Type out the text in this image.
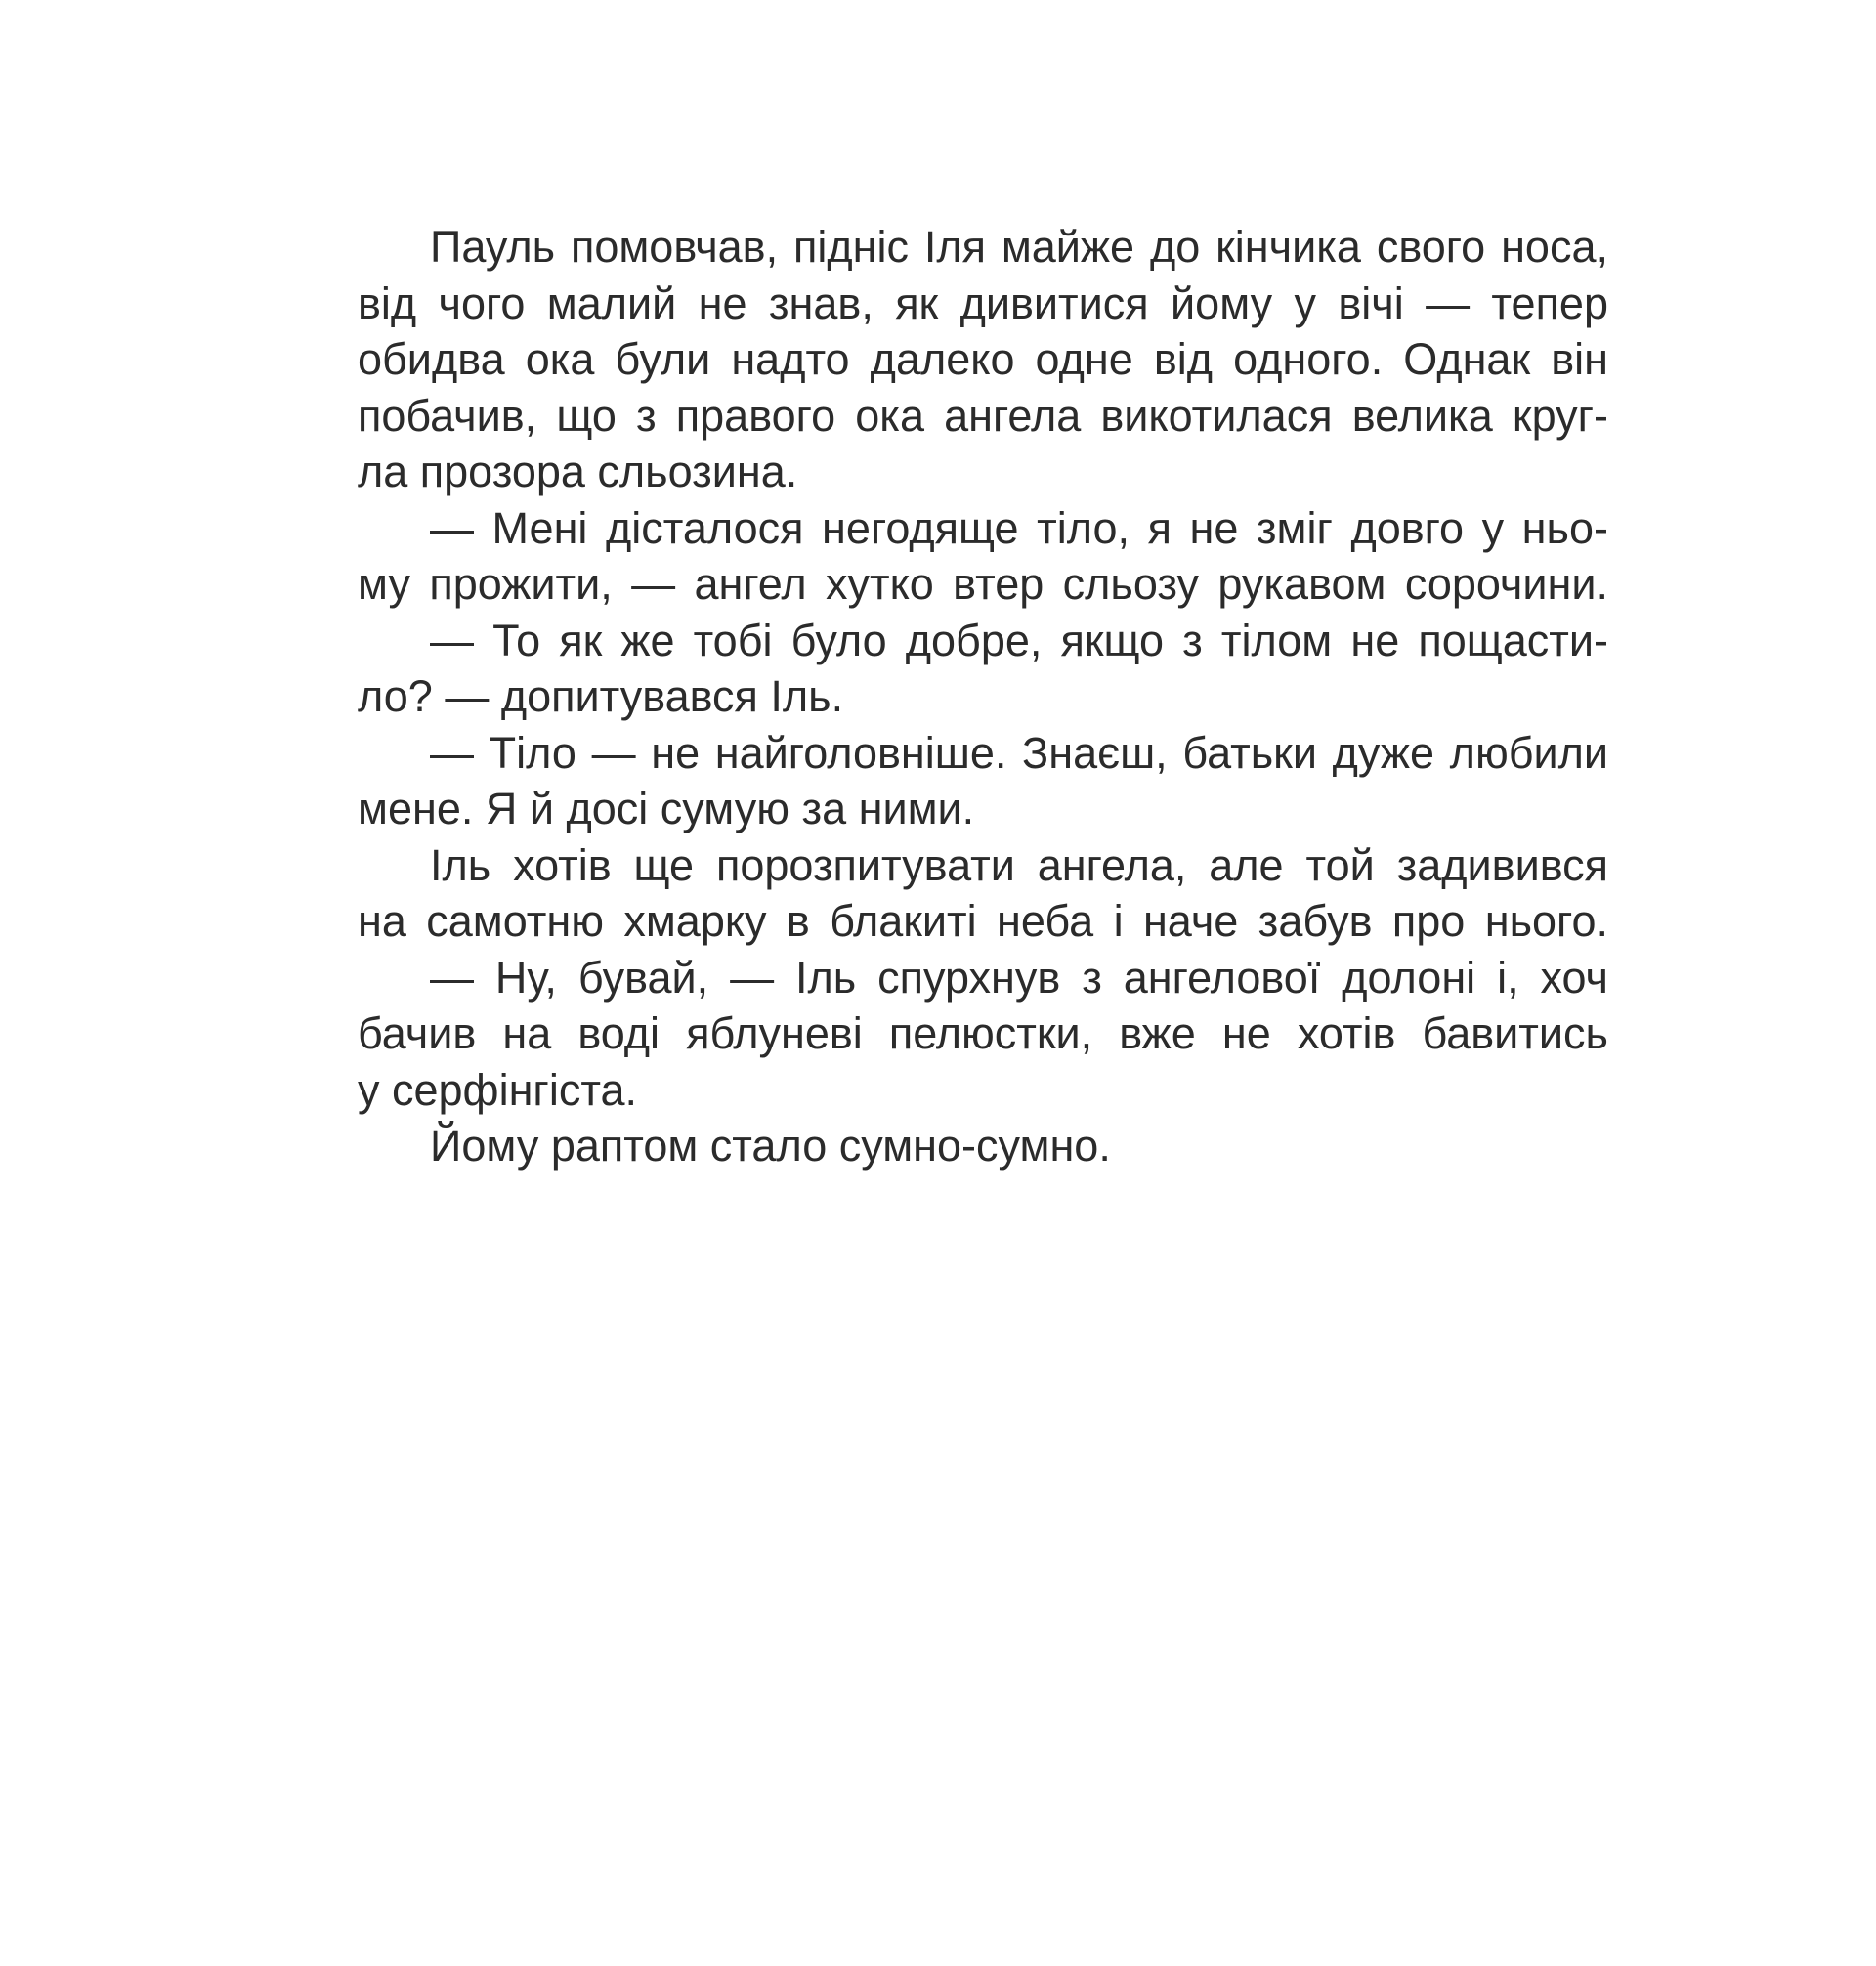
Пауль помовчав, підніс Іля майже до кінчика свого носа,
від чого малий не знав, як дивитися йому у вічі — тепер
обидва ока були надто далеко одне від одного. Однак він
побачив, що з правого ока ангела викотилася велика круг-
ла прозора сльозина.
— Мені дісталося негодяще тіло, я не зміг довго у ньо-
му прожити, — ангел хутко втер сльозу рукавом сорочини.
— То як же тобі було добре, якщо з тілом не пощасти-
ло? — допитувався Іль.
— Тіло — не найголовніше. Знаєш, батьки дуже любили
мене. Я й досі сумую за ними.
Іль хотів ще порозпитувати ангела, але той задивився
на самотню хмарку в блакиті неба і наче забув про нього.
— Ну, бувай, — Іль спурхнув з ангелової долоні і, хоч
бачив на воді яблуневі пелюстки, вже не хотів бавитись
у серфінгіста.
Йому раптом стало сумно-сумно.
